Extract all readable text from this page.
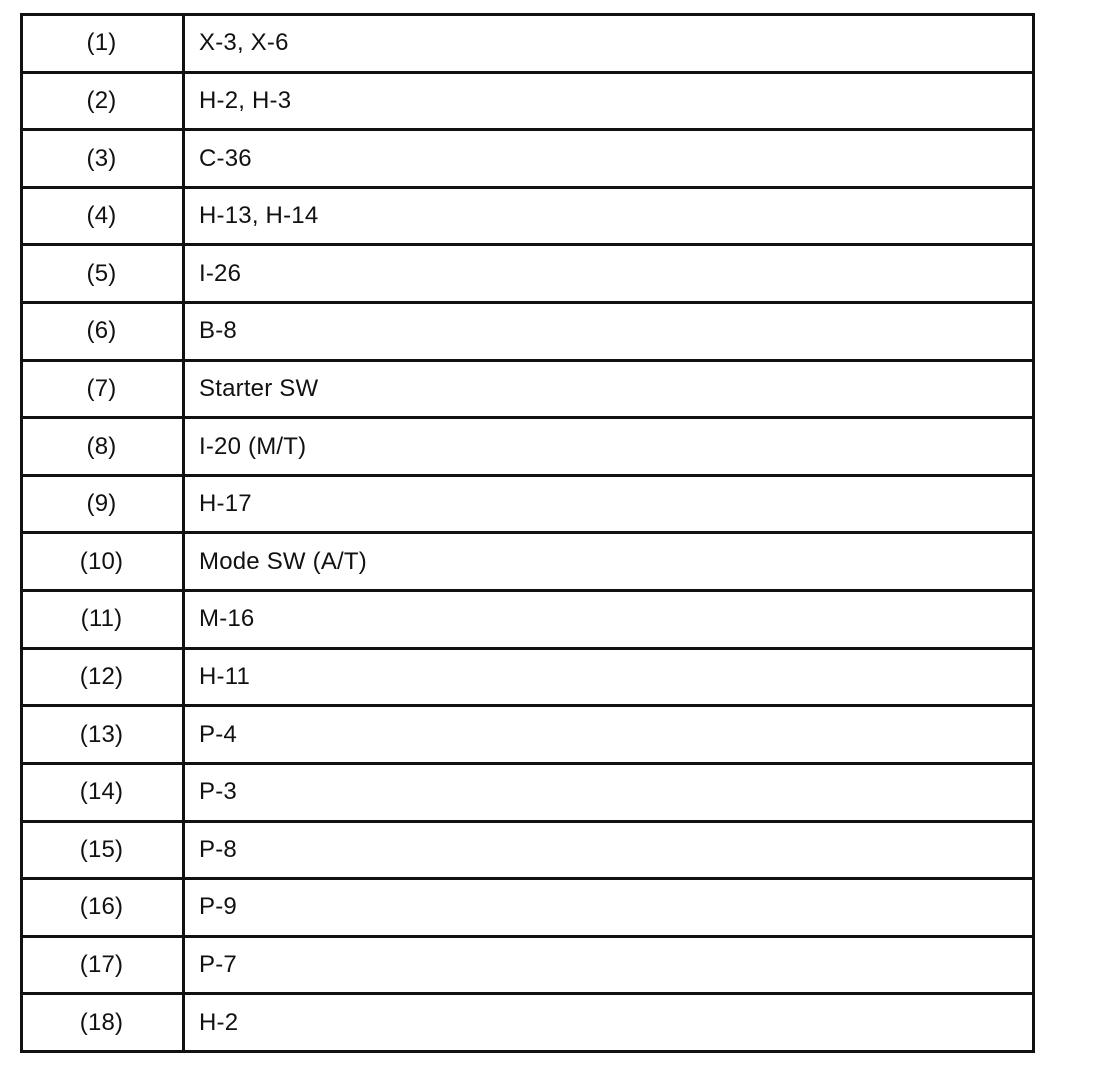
(1)	X-3, X-6
(2)	H-2, H-3
(3)	C-36
(4)	H-13, H-14
(5)	I-26
(6)	B-8
(7)	Starter SW
(8)	I-20 (M/T)
(9)	H-17
(10)	Mode SW (A/T)
(11)	M-16
(12)	H-11
(13)	P-4
(14)	P-3
(15)	P-8
(16)	P-9
(17)	P-7
(18)	H-2
